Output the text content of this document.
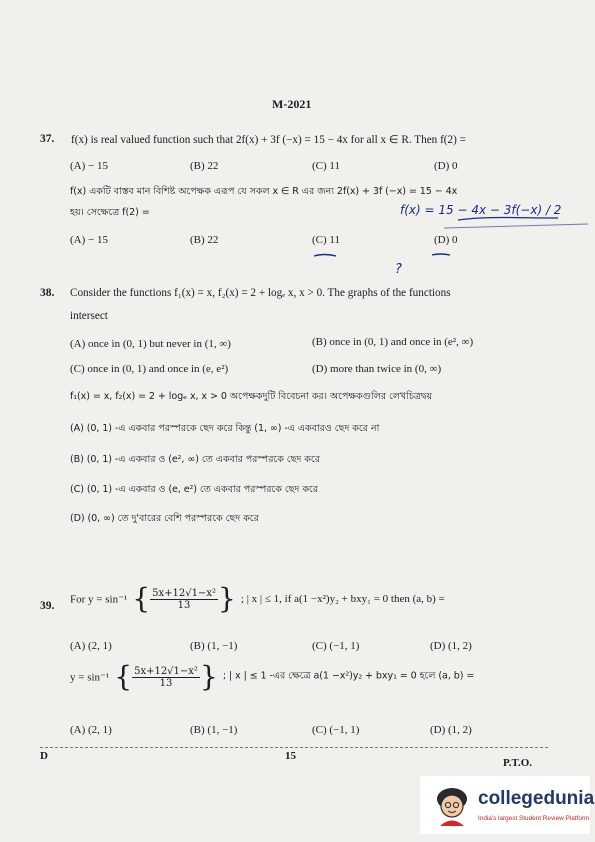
M-2021
37. f(x) is real valued function such that 2f(x) + 3f (−x) = 15 − 4x for all x ∈ R. Then f(2) =
(A) − 15	(B) 22	(C) 11	(D) 0
f(x) একটি বাস্তব মান বিশিষ্ট অপেক্ষক এরূপ যে সকল x ∈ R এর জন্য 2f(x) + 3f (−x) = 15 − 4x
হয়। সেক্ষেত্রে f(2) =	f(x) = 15 − 4x − 3f(−x) / 2
(A) − 15	(B) 22	(C) 11	(D) 0
?
38. Consider the functions f₁(x) = x, f₂(x) = 2 + logₑ x, x > 0. The graphs of the functions
intersect
(A) once in (0, 1) but never in (1, ∞)	(B) once in (0, 1) and once in (e², ∞)
(C) once in (0, 1) and once in (e, e²)	(D) more than twice in (0, ∞)
f₁(x) = x, f₂(x) = 2 + logₑ x, x > 0 অপেক্ষকদুটি বিবেচনা কর। অপেক্ষকগুলির লেখচিত্রদ্বয়
(A) (0, 1) -এ একবার পরস্পরকে ছেদ করে কিন্তু (1, ∞) -এ একবারও ছেদ করে না
(B) (0, 1) -এ একবার ও (e², ∞) তে একবার পরস্পরকে ছেদ করে
(C) (0, 1) -এ একবার ও (e, e²) তে একবার পরস্পরকে ছেদ করে
(D) (0, ∞) তে দু'বারের বেশি পরস্পরকে ছেদ করে
39.
For y = sin⁻¹ { $\frac{\text{5x+12√1−x²}}{13}$ } ; | x | ≤ 1, if a(1 −x²)y₂ + bxy₁ = 0 then (a, b) =
(A) (2, 1)	(B) (1, −1)	(C) (−1, 1)	(D) (1, 2)
y = sin⁻¹ { $\frac{\text{5x+12√1−x²}}{13}$ } ; | x | ≤ 1 -এর ক্ষেত্রে a(1 −x²)y₂ + bxy₁ = 0 হলে (a, b) =
(A) (2, 1)	(B) (1, −1)	(C) (−1, 1)	(D) (1, 2)
D	15
P.T.O.
collegedunia
India's largest Student Review Platform
